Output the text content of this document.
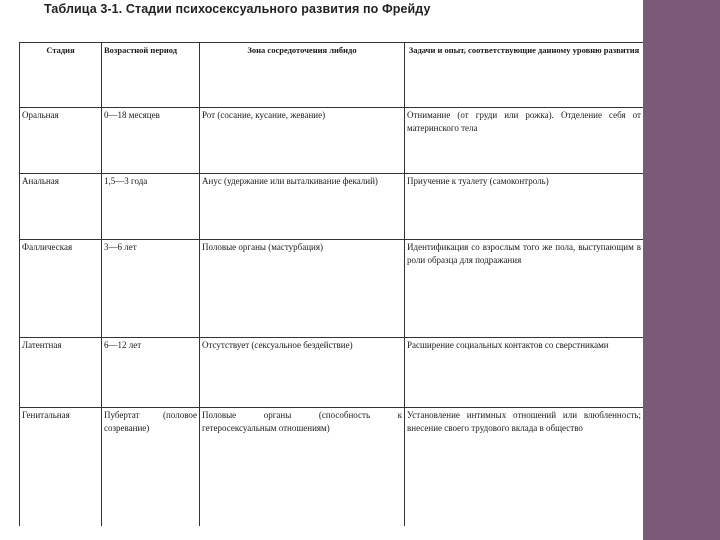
Таблица 3-1. Стадии психосексуального развития по Фрейду
Стадия	Возрастной период	Зона сосредоточения либидо	Задачи и опыт, соответствующие данному уровню развития
Оральная	0—18 месяцев	Рот (сосание, кусание, жевание)	Отнимание (от груди или рожка). Отделение себя от материнского тела
Анальная	1,5—3 года	Анус (удержание или выталкивание фекалий)	Приучение к туалету (самоконтроль)
Фаллическая	3—6 лет	Половые органы (мастурбация)	Идентификация со взрослым того же пола, выступающим в роли образца для подражания
Латентная	6—12 лет	Отсутствует (сексуальное бездействие)	Расширение социальных контактов со сверстниками
Генитальная	Пубертат (половое созревание)	Половые органы (способность к гетеросексуальным отношениям)	Установление интимных отношений или влюбленность; внесение своего трудового вклада в общество
